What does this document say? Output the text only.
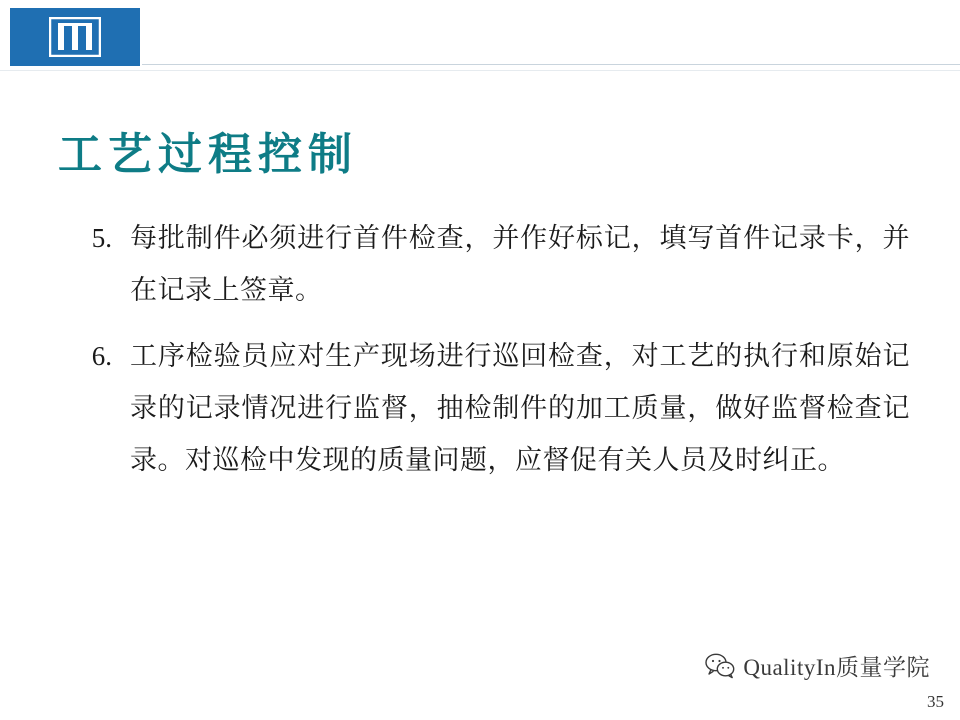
工艺过程控制
5. 每批制件必须进行首件检查，并作好标记，填写首件记录卡，并在记录上签章。
6. 工序检验员应对生产现场进行巡回检查，对工艺的执行和原始记录的记录情况进行监督，抽检制件的加工质量，做好监督检查记录。对巡检中发现的质量问题，应督促有关人员及时纠正。
QualityIn质量学院
35
